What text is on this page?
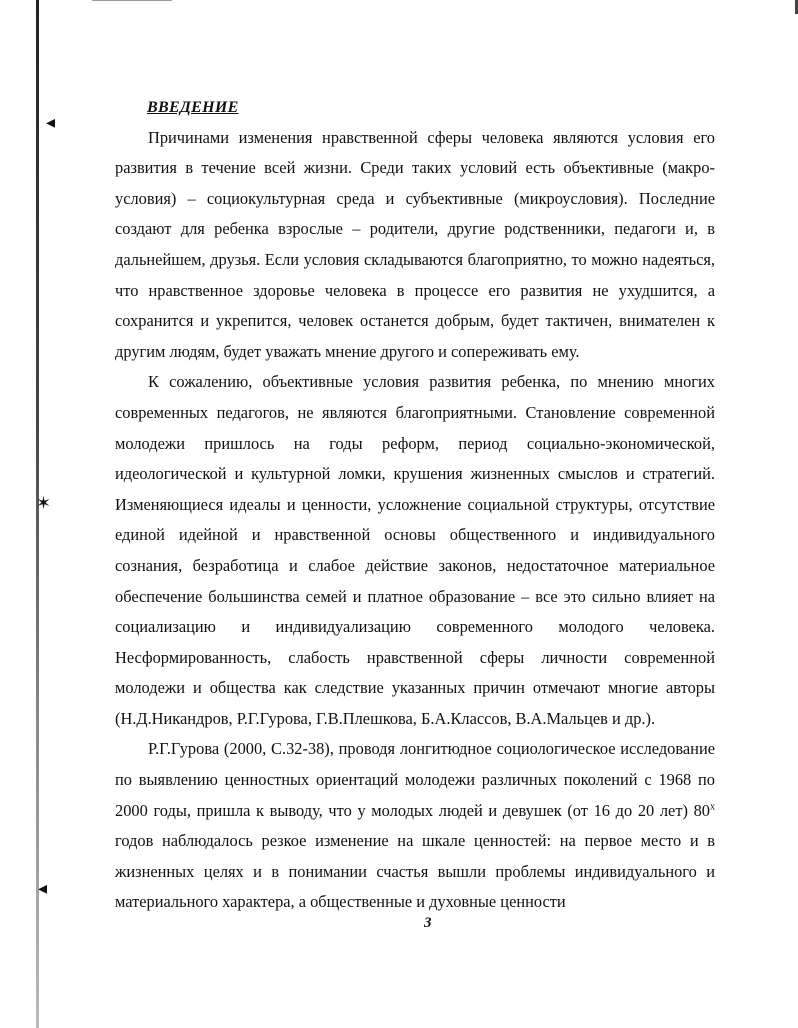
◂
✶
◂
ВВЕДЕНИЕ

Причинами изменения нравственной сферы человека являются условия его развития в течение всей жизни. Среди таких условий есть объективные (макро-условия) – социокультурная среда и субъективные (микроусловия). Последние создают для ребенка взрослые – родители, другие родственники, педагоги и, в дальнейшем, друзья. Если условия складываются благоприятно, то можно надеяться, что нравственное здоровье человека в процессе его развития не ухудшится, а сохранится и укрепится, человек останется добрым, будет тактичен, внимателен к другим людям, будет уважать мнение другого и сопереживать ему.

К сожалению, объективные условия развития ребенка, по мнению многих современных педагогов, не являются благоприятными. Становление современной молодежи пришлось на годы реформ, период социально-экономической, идеологической и культурной ломки, крушения жизненных смыслов и стратегий. Изменяющиеся идеалы и ценности, усложнение социальной структуры, отсутствие единой идейной и нравственной основы общественного и индивидуального сознания, безработица и слабое действие законов, недостаточное материальное обеспечение большинства семей и платное образование – все это сильно влияет на социализацию и индивидуализацию современного молодого человека. Несформированность, слабость нравственной сферы личности современной молодежи и общества как следствие указанных причин отмечают многие авторы (Н.Д.Никандров, Р.Г.Гурова, Г.В.Плешкова, Б.А.Классов, В.А.Мальцев и др.).

Р.Г.Гурова (2000, С.32-38), проводя лонгитюдное социологическое исследование по выявлению ценностных ориентаций молодежи различных поколений с 1968 по 2000 годы, пришла к выводу, что у молодых людей и девушек (от 16 до 20 лет) $80^х$ годов наблюдалось резкое изменение на шкале ценностей: на первое место и в жизненных целях и в понимании счастья вышли проблемы индивидуального и материального характера, а общественные и духовные ценности

3
